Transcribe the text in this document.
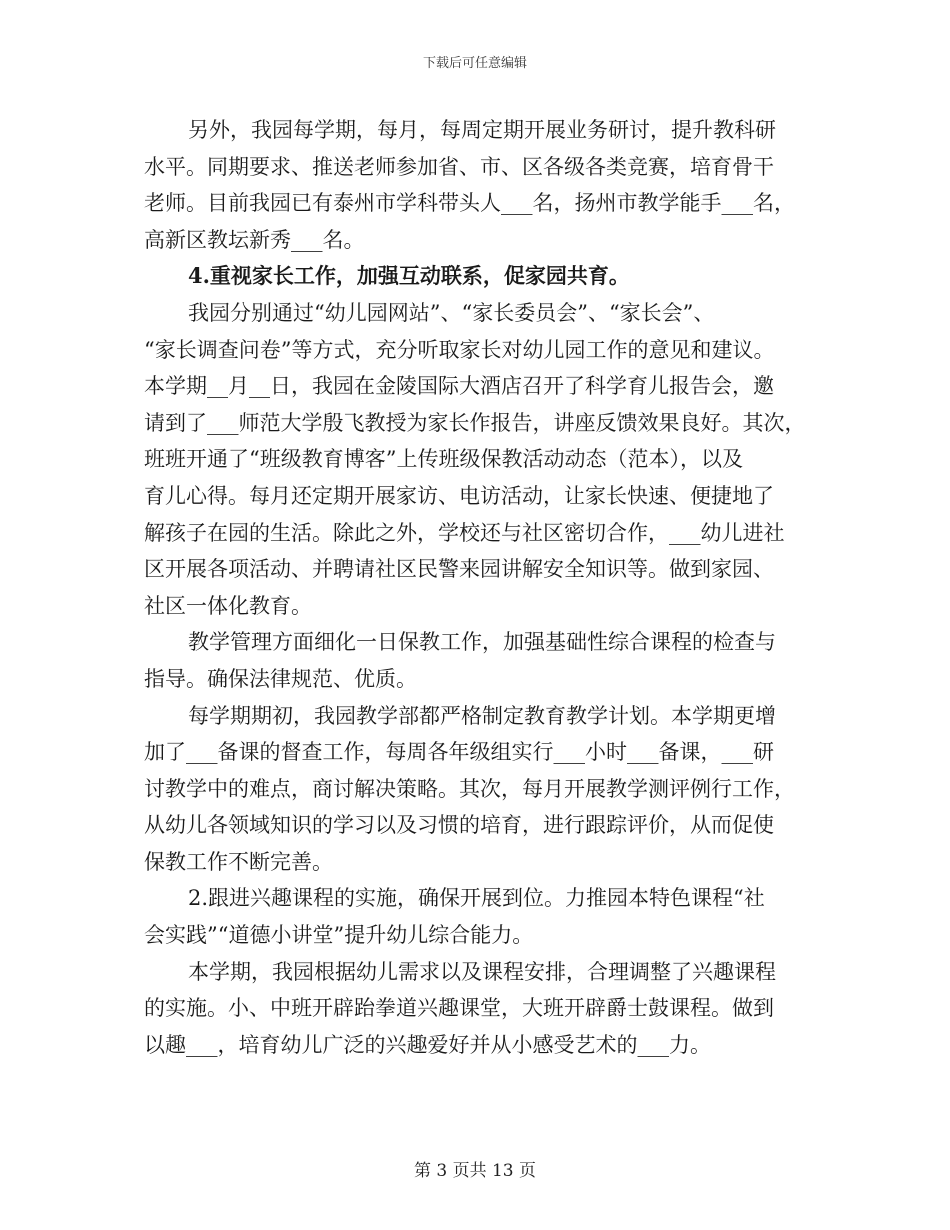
下载后可任意编辑
另外，我园每学期，每月，每周定期开展业务研讨，提升教科研
水平。同期要求、推送老师参加省、市、区各级各类竞赛，培育骨干
老师。目前我园已有泰州市学科带头人___名，扬州市教学能手___名，
高新区教坛新秀___名。
4.重视家长工作，加强互动联系，促家园共育。
我园分别通过“幼儿园网站”、“家长委员会”、“家长会”、
“家长调查问卷”等方式，充分听取家长对幼儿园工作的意见和建议。
本学期__月__日，我园在金陵国际大酒店召开了科学育儿报告会，邀
请到了___师范大学殷飞教授为家长作报告，讲座反馈效果良好。其次，
班班开通了“班级教育博客”上传班级保教活动动态（范本），以及
育儿心得。每月还定期开展家访、电访活动，让家长快速、便捷地了
解孩子在园的生活。除此之外，学校还与社区密切合作，___幼儿进社
区开展各项活动、并聘请社区民警来园讲解安全知识等。做到家园、
社区一体化教育。
教学管理方面细化一日保教工作，加强基础性综合课程的检查与
指导。确保法律规范、优质。
每学期期初，我园教学部都严格制定教育教学计划。本学期更增
加了___备课的督查工作，每周各年级组实行___小时___备课，___研
讨教学中的难点，商讨解决策略。其次，每月开展教学测评例行工作，
从幼儿各领域知识的学习以及习惯的培育，进行跟踪评价，从而促使
保教工作不断完善。
2.跟进兴趣课程的实施，确保开展到位。力推园本特色课程“社
会实践”“道德小讲堂”提升幼儿综合能力。
本学期，我园根据幼儿需求以及课程安排，合理调整了兴趣课程
的实施。小、中班开辟跆拳道兴趣课堂，大班开辟爵士鼓课程。做到
以趣___，培育幼儿广泛的兴趣爱好并从小感受艺术的___力。
第 3 页共 13 页
